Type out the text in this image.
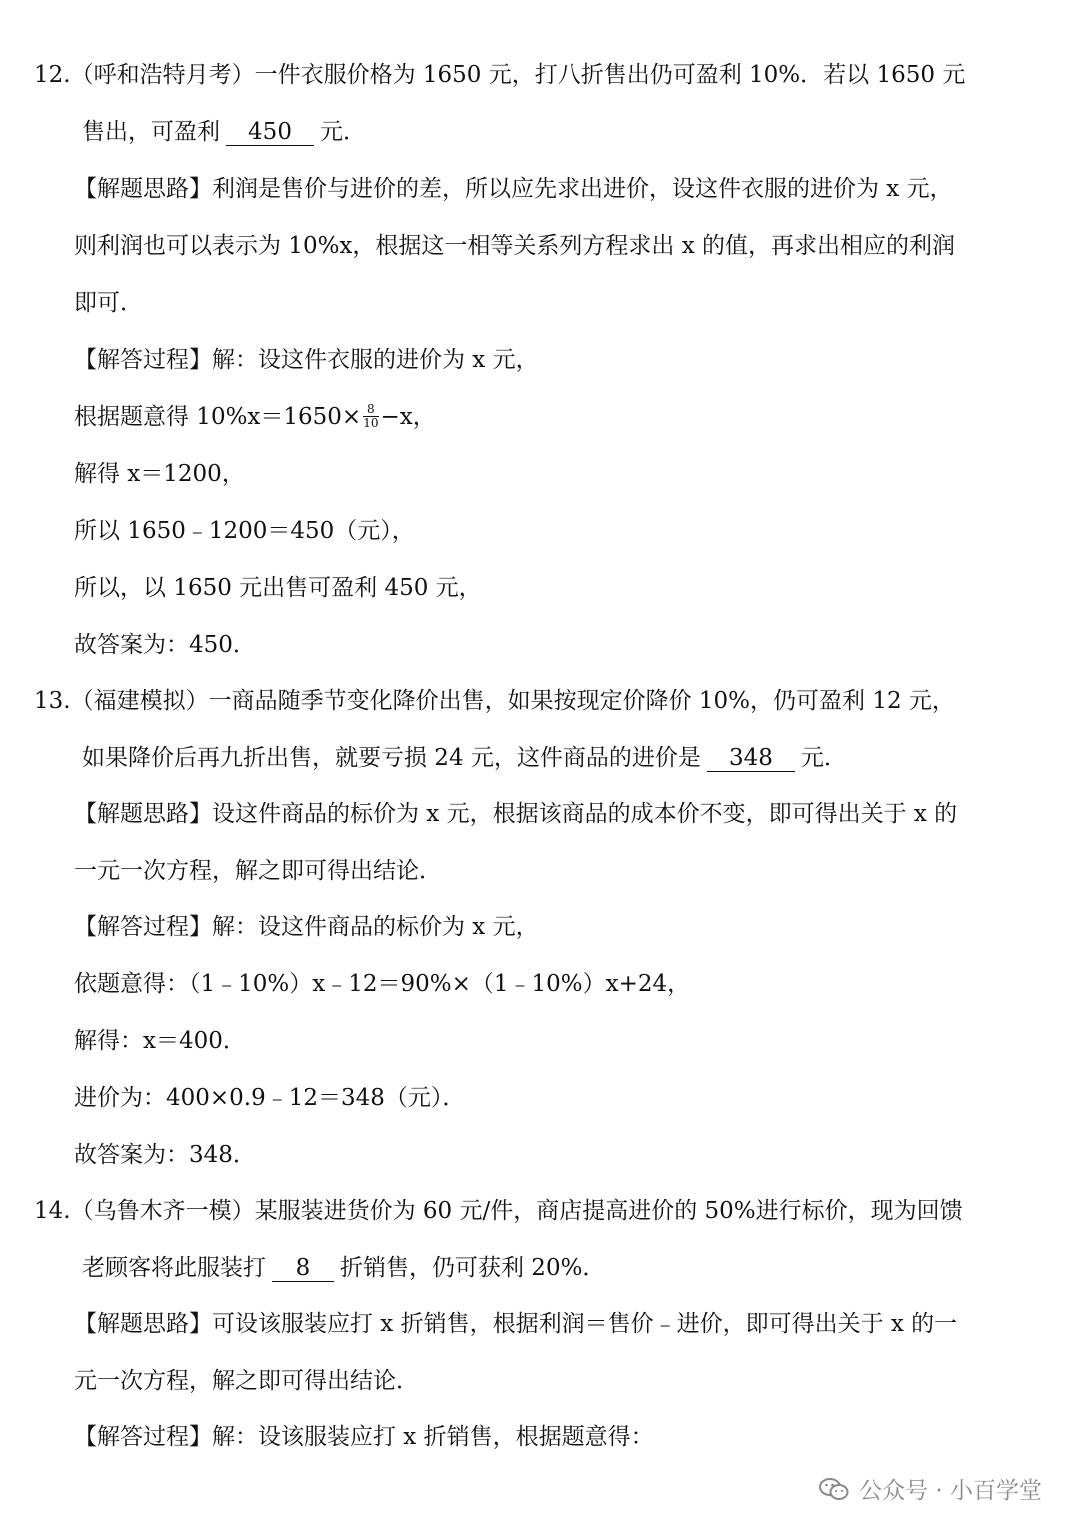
12.（呼和浩特月考）一件衣服价格为 1650 元，打八折售出仍可盈利 10%．若以 1650 元
售出，可盈利 450 元．
【解题思路】利润是售价与进价的差，所以应先求出进价，设这件衣服的进价为 x 元，
则利润也可以表示为 10%x，根据这一相等关系列方程求出 x 的值，再求出相应的利润
即可．
【解答过程】解：设这件衣服的进价为 x 元，
根据题意得 $10\%x=1650\times \frac{8}{10} -x$，
解得 x＝1200，
所以 1650﹣1200＝450（元），
所以，以 1650 元出售可盈利 450 元，
故答案为：450．
13.（福建模拟）一商品随季节变化降价出售，如果按现定价降价 10%，仍可盈利 12 元，
如果降价后再九折出售，就要亏损 24 元，这件商品的进价是 348 元．
【解题思路】设这件商品的标价为 x 元，根据该商品的成本价不变，即可得出关于 x 的
一元一次方程，解之即可得出结论．
【解答过程】解：设这件商品的标价为 x 元，
依题意得：（1﹣10%）x﹣12＝90%×（1﹣10%）x+24，
解得：x＝400．
进价为：400×0.9﹣12＝348（元）．
故答案为：348．
14.（乌鲁木齐一模）某服装进货价为 60 元/件，商店提高进价的 50%进行标价，现为回馈
老顾客将此服装打 8 折销售，仍可获利 20%．
【解题思路】可设该服装应打 x 折销售，根据利润＝售价﹣进价，即可得出关于 x 的一
元一次方程，解之即可得出结论．
【解答过程】解：设该服装应打 x 折销售，根据题意得：
公众号 · 小百学堂
